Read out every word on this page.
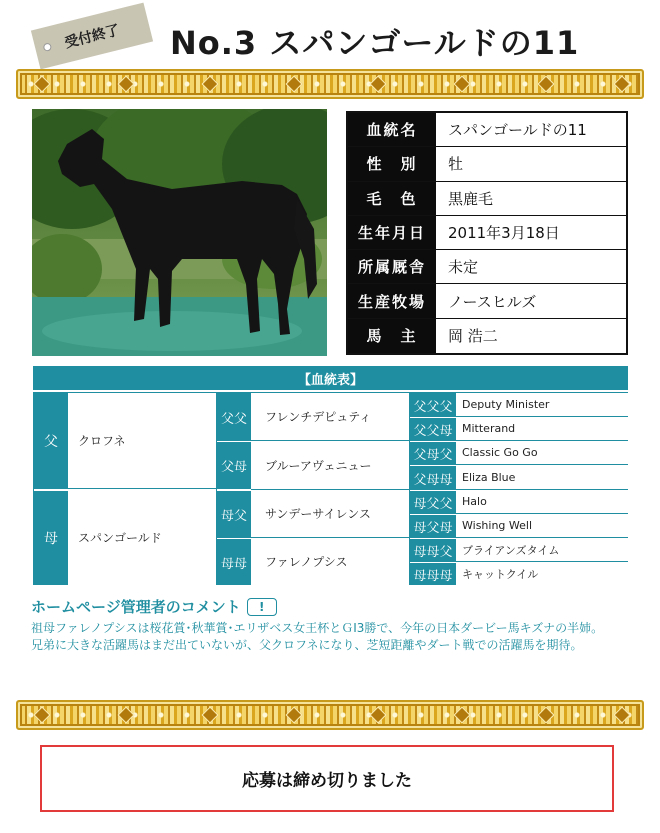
受付終了	No.3 スパンゴールドの11
血統名	スパンゴールドの11
性　別	牡
毛　色	黒鹿毛
生年月日	2011年3月18日
所属厩舎	未定
生産牧場	ノースヒルズ
馬　主	岡 浩二
【血統表】
父	クロフネ
母	スパンゴールド
父父	フレンチデピュティ
父母	ブルーアヴェニュー
母父	サンデーサイレンス
母母	ファレノプシス
父父父 Deputy Minister
父父母 Mitterand
父母父 Classic Go Go
父母母 Eliza Blue
母父父 Halo
母父母 Wishing Well
母母父 ブライアンズタイム
母母母 キャットクイル
ホームページ管理者のコメント	!
祖母ファレノプシスは桜花賞･秋華賞･エリザベス女王杯とＧⅠ3勝で、今年の日本ダービー馬キズナの半姉。
兄弟に大きな活躍馬はまだ出ていないが、父クロフネになり、芝短距離やダート戦での活躍馬を期待。
応募は締め切りました
